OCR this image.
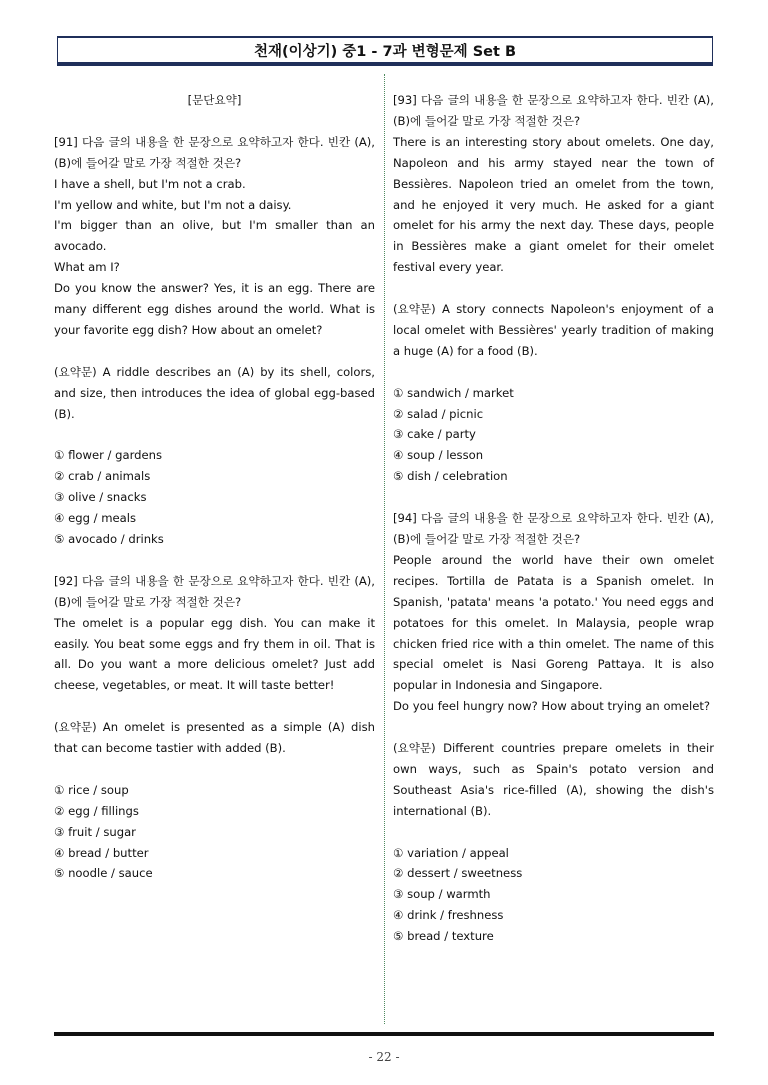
천재(이상기) 중1 - 7과 변형문제 Set B

[문단요약]

[91] 다음 글의 내용을 한 문장으로 요약하고자 한다. 빈칸 (A), (B)에 들어갈 말로 가장 적절한 것은?

I have a shell, but I'm not a crab.

I'm yellow and white, but I'm not a daisy.

I'm bigger than an olive, but I'm smaller than an avocado.

What am I?

Do you know the answer? Yes, it is an egg. There are many different egg dishes around the world. What is your favorite egg dish? How about an omelet?

(요약문) A riddle describes an (A) by its shell, colors, and size, then introduces the idea of global egg-based (B).

① flower / gardens

② crab / animals

③ olive / snacks

④ egg / meals

⑤ avocado / drinks

[92] 다음 글의 내용을 한 문장으로 요약하고자 한다. 빈칸 (A), (B)에 들어갈 말로 가장 적절한 것은?

The omelet is a popular egg dish. You can make it easily. You beat some eggs and fry them in oil. That is all. Do you want a more delicious omelet? Just add cheese, vegetables, or meat. It will taste better!

(요약문) An omelet is presented as a simple (A) dish that can become tastier with added (B).

① rice / soup

② egg / fillings

③ fruit / sugar

④ bread / butter

⑤ noodle / sauce

[93] 다음 글의 내용을 한 문장으로 요약하고자 한다. 빈칸 (A), (B)에 들어갈 말로 가장 적절한 것은?

There is an interesting story about omelets. One day, Napoleon and his army stayed near the town of Bessières. Napoleon tried an omelet from the town, and he enjoyed it very much. He asked for a giant omelet for his army the next day. These days, people in Bessières make a giant omelet for their omelet festival every year.

(요약문) A story connects Napoleon's enjoyment of a local omelet with Bessières' yearly tradition of making a huge (A) for a food (B).

① sandwich / market

② salad / picnic

③ cake / party

④ soup / lesson

⑤ dish / celebration

[94] 다음 글의 내용을 한 문장으로 요약하고자 한다. 빈칸 (A), (B)에 들어갈 말로 가장 적절한 것은?

People around the world have their own omelet recipes. Tortilla de Patata is a Spanish omelet. In Spanish, 'patata' means 'a potato.' You need eggs and potatoes for this omelet. In Malaysia, people wrap chicken fried rice with a thin omelet. The name of this special omelet is Nasi Goreng Pattaya. It is also popular in Indonesia and Singapore.

Do you feel hungry now? How about trying an omelet?

(요약문) Different countries prepare omelets in their own ways, such as Spain's potato version and Southeast Asia's rice-filled (A), showing the dish's international (B).

① variation / appeal

② dessert / sweetness

③ soup / warmth

④ drink / freshness

⑤ bread / texture

- 22 -
